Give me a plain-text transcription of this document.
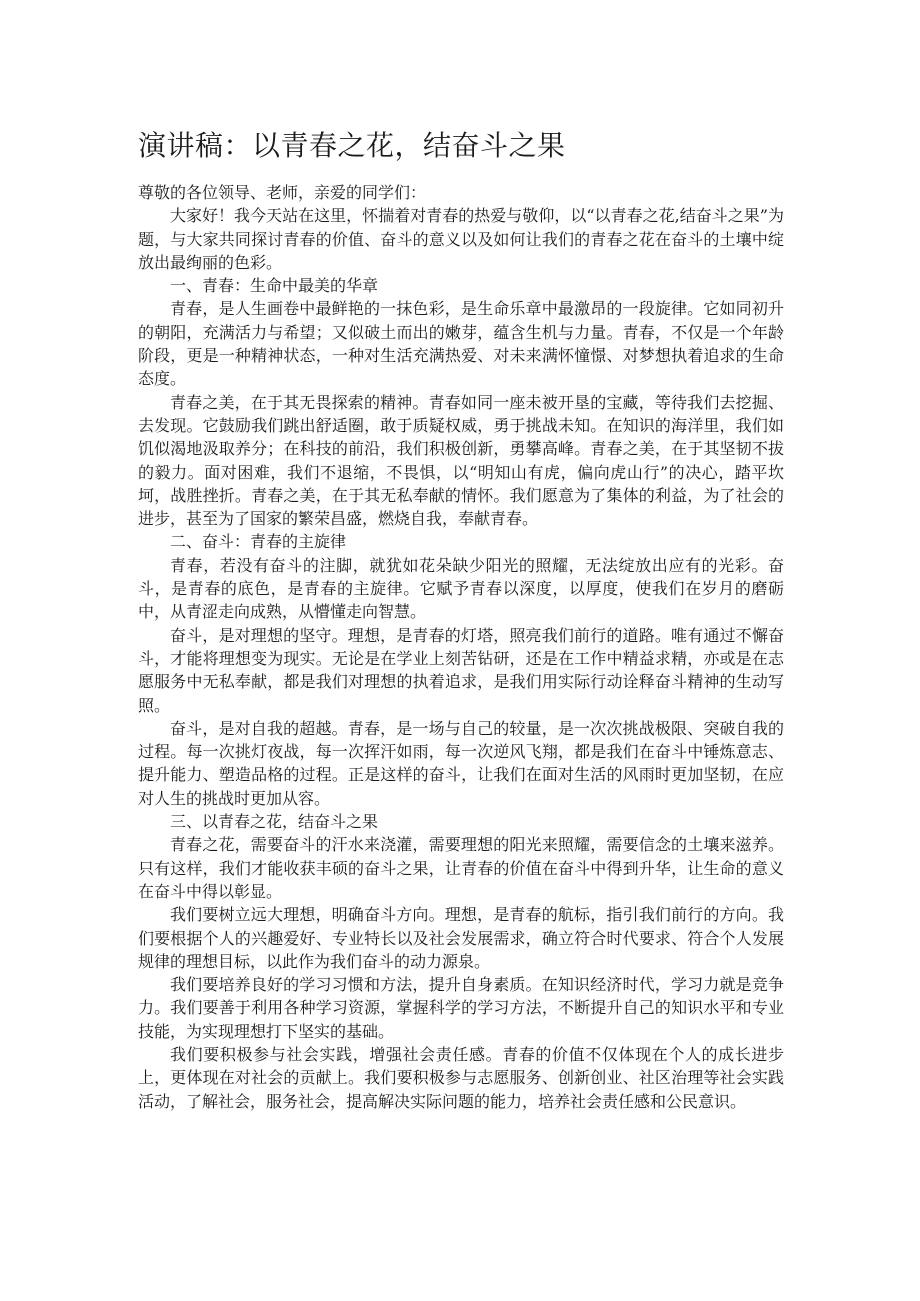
演讲稿：以青春之花，结奋斗之果

尊敬的各位领导、老师，亲爱的同学们：

大家好！我今天站在这里，怀揣着对青春的热爱与敬仰，以“以青春之花,结奋斗之果”为题，与大家共同探讨青春的价值、奋斗的意义以及如何让我们的青春之花在奋斗的土壤中绽放出最绚丽的色彩。

一、青春：生命中最美的华章

青春，是人生画卷中最鲜艳的一抹色彩，是生命乐章中最激昂的一段旋律。它如同初升的朝阳，充满活力与希望；又似破土而出的嫩芽，蕴含生机与力量。青春，不仅是一个年龄阶段，更是一种精神状态，一种对生活充满热爱、对未来满怀憧憬、对梦想执着追求的生命态度。

青春之美，在于其无畏探索的精神。青春如同一座未被开垦的宝藏，等待我们去挖掘、去发现。它鼓励我们跳出舒适圈，敢于质疑权威，勇于挑战未知。在知识的海洋里，我们如饥似渴地汲取养分；在科技的前沿，我们积极创新，勇攀高峰。青春之美，在于其坚韧不拔的毅力。面对困难，我们不退缩，不畏惧，以“明知山有虎，偏向虎山行”的决心，踏平坎坷，战胜挫折。青春之美，在于其无私奉献的情怀。我们愿意为了集体的利益，为了社会的进步，甚至为了国家的繁荣昌盛，燃烧自我，奉献青春。

二、奋斗：青春的主旋律

青春，若没有奋斗的注脚，就犹如花朵缺少阳光的照耀，无法绽放出应有的光彩。奋斗，是青春的底色，是青春的主旋律。它赋予青春以深度，以厚度，使我们在岁月的磨砺中，从青涩走向成熟，从懵懂走向智慧。

奋斗，是对理想的坚守。理想，是青春的灯塔，照亮我们前行的道路。唯有通过不懈奋斗，才能将理想变为现实。无论是在学业上刻苦钻研，还是在工作中精益求精，亦或是在志愿服务中无私奉献，都是我们对理想的执着追求，是我们用实际行动诠释奋斗精神的生动写照。

奋斗，是对自我的超越。青春，是一场与自己的较量，是一次次挑战极限、突破自我的过程。每一次挑灯夜战，每一次挥汗如雨，每一次逆风飞翔，都是我们在奋斗中锤炼意志、提升能力、塑造品格的过程。正是这样的奋斗，让我们在面对生活的风雨时更加坚韧，在应对人生的挑战时更加从容。

三、以青春之花，结奋斗之果

青春之花，需要奋斗的汗水来浇灌，需要理想的阳光来照耀，需要信念的土壤来滋养。只有这样，我们才能收获丰硕的奋斗之果，让青春的价值在奋斗中得到升华，让生命的意义在奋斗中得以彰显。

我们要树立远大理想，明确奋斗方向。理想，是青春的航标，指引我们前行的方向。我们要根据个人的兴趣爱好、专业特长以及社会发展需求，确立符合时代要求、符合个人发展规律的理想目标，以此作为我们奋斗的动力源泉。

我们要培养良好的学习习惯和方法，提升自身素质。在知识经济时代，学习力就是竞争力。我们要善于利用各种学习资源，掌握科学的学习方法，不断提升自己的知识水平和专业技能，为实现理想打下坚实的基础。

我们要积极参与社会实践，增强社会责任感。青春的价值不仅体现在个人的成长进步上，更体现在对社会的贡献上。我们要积极参与志愿服务、创新创业、社区治理等社会实践活动，了解社会，服务社会，提高解决实际问题的能力，培养社会责任感和公民意识。
